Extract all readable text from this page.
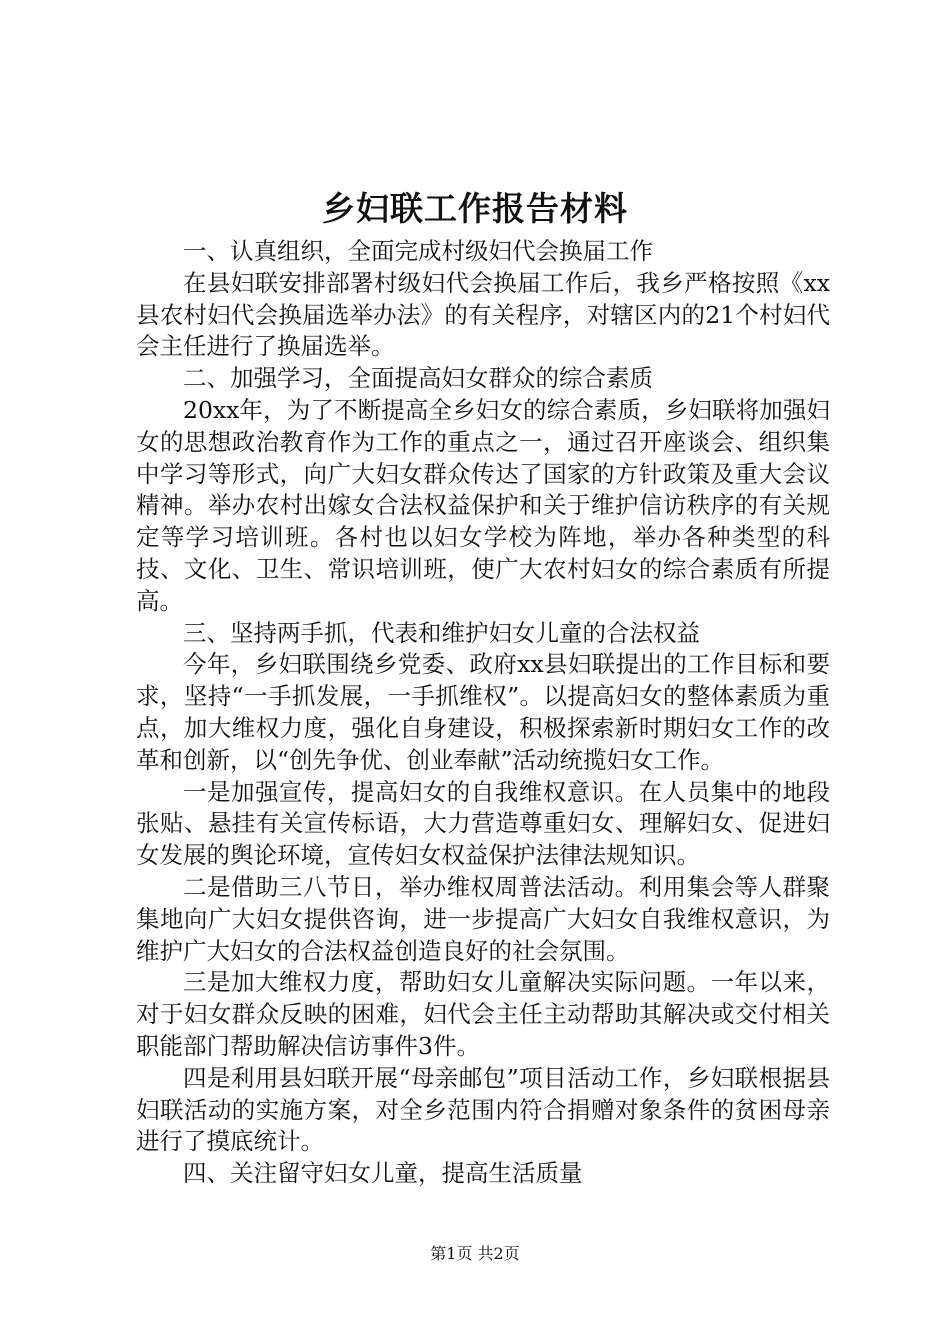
乡妇联工作报告材料

一、认真组织，全面完成村级妇代会换届工作

在县妇联安排部署村级妇代会换届工作后，我乡严格按照《xx县农村妇代会换届选举办法》的有关程序，对辖区内的21个村妇代会主任进行了换届选举。

二、加强学习，全面提高妇女群众的综合素质

20xx年，为了不断提高全乡妇女的综合素质，乡妇联将加强妇女的思想政治教育作为工作的重点之一，通过召开座谈会、组织集中学习等形式，向广大妇女群众传达了国家的方针政策及重大会议精神。举办农村出嫁女合法权益保护和关于维护信访秩序的有关规定等学习培训班。各村也以妇女学校为阵地，举办各种类型的科技、文化、卫生、常识培训班，使广大农村妇女的综合素质有所提高。

三、坚持两手抓，代表和维护妇女儿童的合法权益

今年，乡妇联围绕乡党委、政府xx县妇联提出的工作目标和要求，坚持“一手抓发展，一手抓维权”。以提高妇女的整体素质为重点，加大维权力度，强化自身建设，积极探索新时期妇女工作的改革和创新，以“创先争优、创业奉献”活动统揽妇女工作。

一是加强宣传，提高妇女的自我维权意识。在人员集中的地段张贴、悬挂有关宣传标语，大力营造尊重妇女、理解妇女、促进妇女发展的舆论环境，宣传妇女权益保护法律法规知识。

二是借助三八节日，举办维权周普法活动。利用集会等人群聚集地向广大妇女提供咨询，进一步提高广大妇女自我维权意识，为维护广大妇女的合法权益创造良好的社会氛围。

三是加大维权力度，帮助妇女儿童解决实际问题。一年以来，对于妇女群众反映的困难，妇代会主任主动帮助其解决或交付相关职能部门帮助解决信访事件3件。

四是利用县妇联开展“母亲邮包”项目活动工作，乡妇联根据县妇联活动的实施方案，对全乡范围内符合捐赠对象条件的贫困母亲进行了摸底统计。

四、关注留守妇女儿童，提高生活质量

第1页 共2页
